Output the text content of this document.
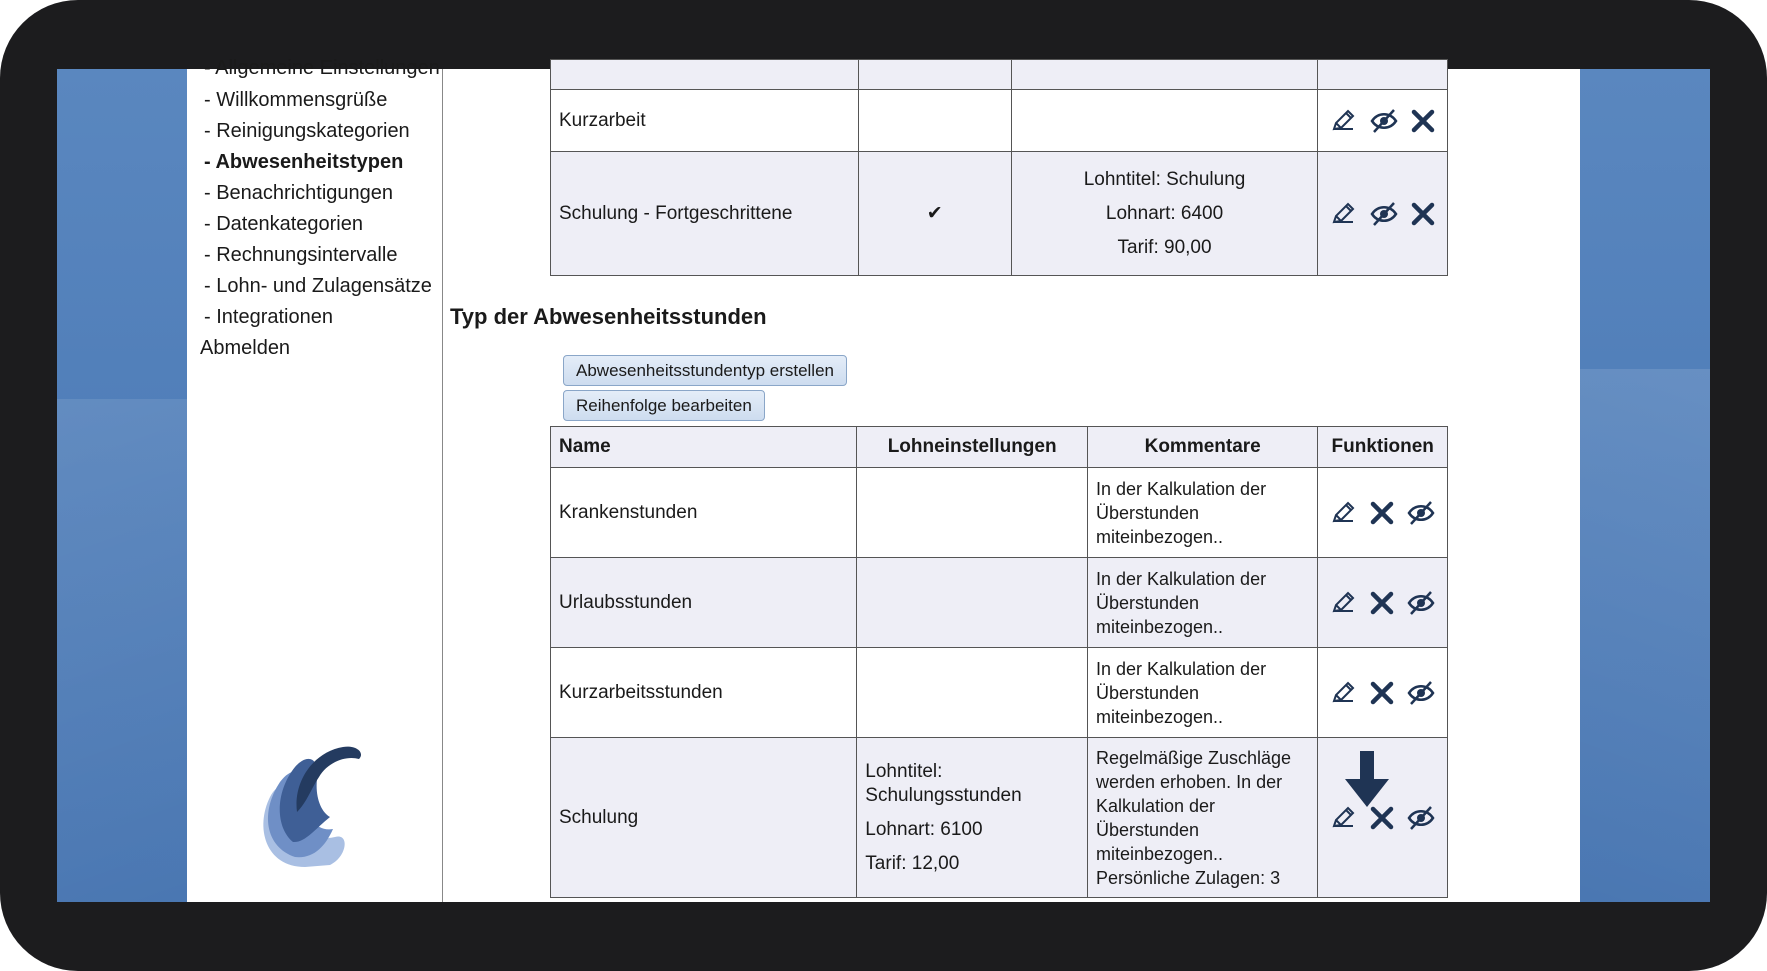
- Allgemeine Einstellungen
- Willkommensgrüße
- Reinigungskategorien
- Abwesenheitstypen
- Benachrichtigungen
- Datenkategorien
- Rechnungsintervalle
- Lohn- und Zulagensätze
- Integrationen
Abmelden

Kurzarbeit			
Schulung - Fortgeschrittene	✔	Lohntitel: Schulung
Lohnart: 6400
Tarif: 90,00

Typ der Abwesenheitsstunden
Abwesenheitsstundentyp erstellen
Reihenfolge bearbeiten
Name	Lohneinstellungen	Kommentare	Funktionen
Krankenstunden		In der Kalkulation der Überstunden miteinbezogen..	
Urlaubsstunden		In der Kalkulation der Überstunden miteinbezogen..	
Kurzarbeitsstunden		In der Kalkulation der Überstunden miteinbezogen..	
Schulung	Lohntitel: Schulungsstunden
Lohnart: 6100
Tarif: 12,00	Regelmäßige Zuschläge werden erhoben. In der Kalkulation der Überstunden miteinbezogen.. Persönliche Zulagen: 3	
